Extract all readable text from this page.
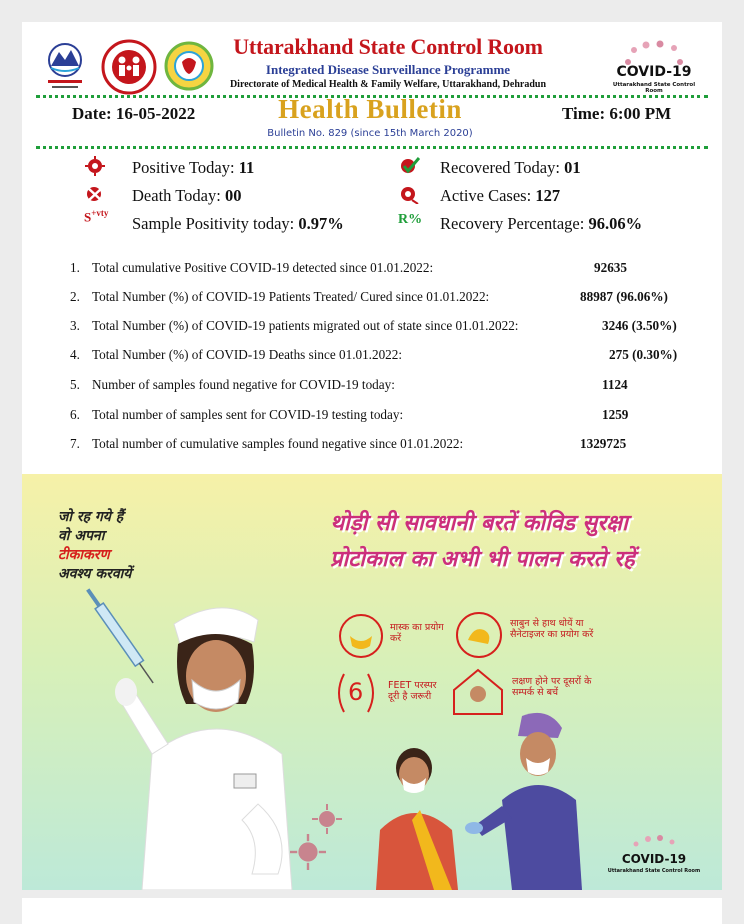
Uttarakhand State Control Room
Integrated Disease Surveillance Programme
Directorate of Medical Health & Family Welfare, Uttarakhand, Dehradun
COVID-19
Uttarakhand State Control Room
Date: 16-05-2022	Health Bulletin	Time: 6:00 PM
Bulletin No. 829 (since 15th March 2020)
Positive Today: 11	Recovered Today: 01
Death Today: 00	Active Cases: 127
$S^{+vty}$
Sample Positivity today: 0.97%	R% Recovery Percentage: 96.06%
1. Total cumulative Positive COVID-19 detected since 01.01.2022:	92635
2. Total Number (%) of COVID-19 Patients Treated/ Cured since 01.01.2022:	88987 (96.06%)
3. Total Number (%) of COVID-19 patients migrated out of state since 01.01.2022:	3246 (3.50%)
4. Total Number (%) of COVID-19 Deaths since 01.01.2022:	275 (0.30%)
5. Number of samples found negative for COVID-19 today:	1124
6. Total number of samples sent for COVID-19 testing today:	1259
7. Total number of cumulative samples found negative since 01.01.2022:	1329725
जो रह गये हैं
वो अपना
टीकाकरण
अवश्य करवायें
थोड़ी सी सावधानी बरतें कोविड सुरक्षा
प्रोटोकाल का अभी भी पालन करते रहें
मास्क का प्रयोग करें
साबुन से हाथ धोयें या सैनेटाइजर का प्रयोग करें
6	FEET परस्पर दूरी है जरूरी
लक्षण होने पर दूसरों के सम्पर्क से बचें
COVID-19
Uttarakhand State Control Room
